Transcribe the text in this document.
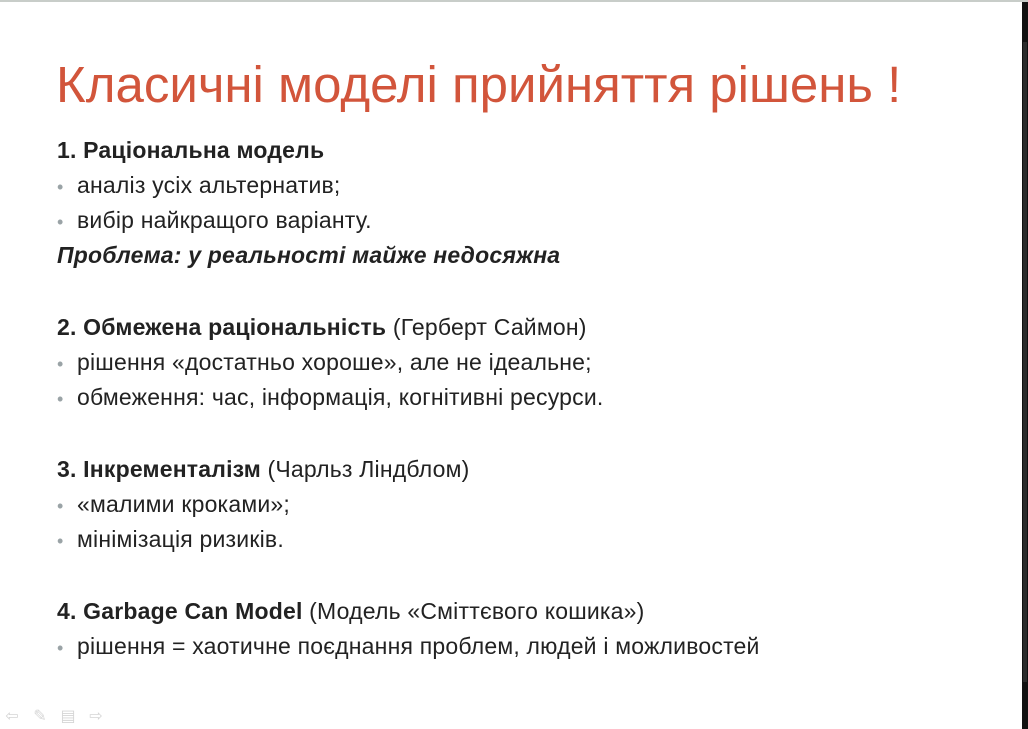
Класичні моделі прийняття рішень !
1. Раціональна модель
• аналіз усіх альтернатив;
• вибір найкращого варіанту.
Проблема: у реальності майже недосяжна
2. Обмежена раціональність (Герберт Саймон)
• рішення «достатньо хороше», але не ідеальне;
• обмеження: час, інформація, когнітивні ресурси.
3. Інкременталізм (Чарльз Ліндблом)
• «малими кроками»;
• мінімізація ризиків.
4. Garbage Can Model (Модель «Сміттєвого кошика»)
• рішення = хаотичне поєднання проблем, людей і можливостей
⇦ ✎ ▤ ⇨
